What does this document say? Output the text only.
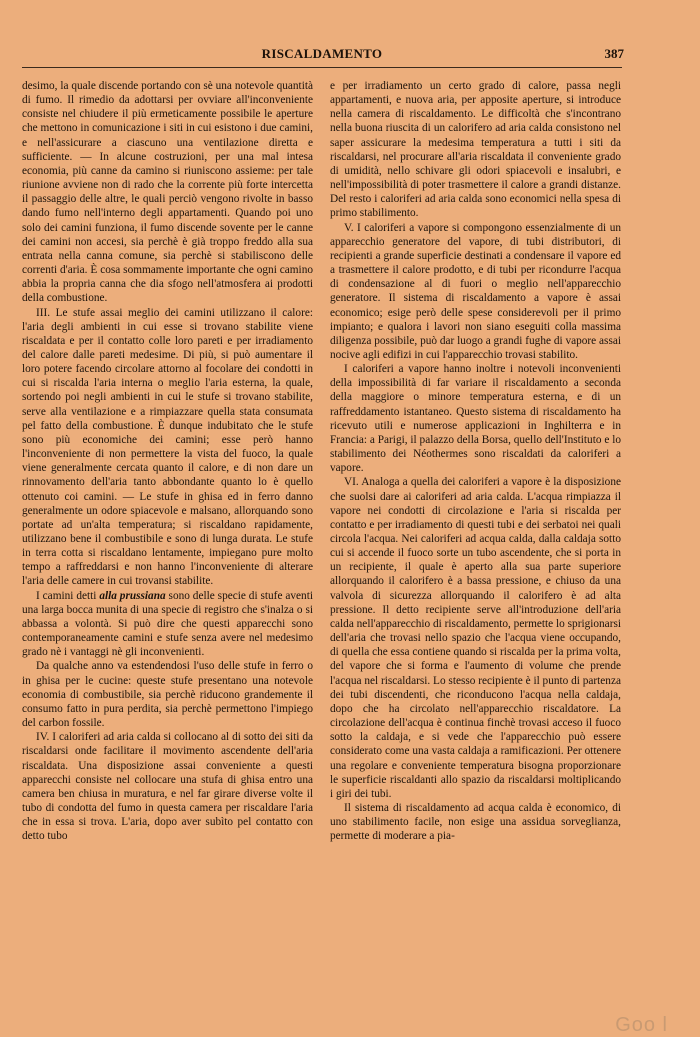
RISCALDAMENTO	387

desimo, la quale discende portando con sè una notevole quantità di fumo. Il rimedio da adottarsi per ovviare all'inconveniente consiste nel chiudere il più ermeticamente possibile le aperture che mettono in comunicazione i siti in cui esistono i due camini, e nell'assicurare a ciascuno una ventilazione diretta e sufficiente. — In alcune costruzioni, per una mal intesa economia, più canne da camino si riuniscono assieme: per tale riunione avviene non di rado che la corrente più forte intercetta il passaggio delle altre, le quali perciò vengono rivolte in basso dando fumo nell'interno degli appartamenti. Quando poi uno solo dei camini funziona, il fumo discende sovente per le canne dei camini non accesi, sia perchè è già troppo freddo alla sua entrata nella canna comune, sia perchè si stabiliscono delle correnti d'aria. È cosa sommamente importante che ogni camino abbia la propria canna che dia sfogo nell'atmosfera ai prodotti della combustione.

III. Le stufe assai meglio dei camini utilizzano il calore: l'aria degli ambienti in cui esse si trovano stabilite viene riscaldata e per il contatto colle loro pareti e per irradiamento del calore dalle pareti medesime. Di più, si può aumentare il loro potere facendo circolare attorno al focolare dei condotti in cui si riscalda l'aria interna o meglio l'aria esterna, la quale, sortendo poi negli ambienti in cui le stufe si trovano stabilite, serve alla ventilazione e a rimpiazzare quella stata consumata pel fatto della combustione. È dunque indubitato che le stufe sono più economiche dei camini; esse però hanno l'inconveniente di non permettere la vista del fuoco, la quale viene generalmente cercata quanto il calore, e di non dare un rinnovamento dell'aria tanto abbondante quanto lo è quello ottenuto coi camini. — Le stufe in ghisa ed in ferro danno generalmente un odore spiacevole e malsano, allorquando sono portate ad un'alta temperatura; si riscaldano rapidamente, utilizzano bene il combustibile e sono di lunga durata. Le stufe in terra cotta si riscaldano lentamente, impiegano pure molto tempo a raffreddarsi e non hanno l'inconveniente di alterare l'aria delle camere in cui trovansi stabilite.

I camini detti alla prussiana sono delle specie di stufe aventi una larga bocca munita di una specie di registro che s'inalza o si abbassa a volontà. Si può dire che questi apparecchi sono contemporaneamente camini e stufe senza avere nel medesimo grado nè i vantaggi nè gli inconvenienti.

Da qualche anno va estendendosi l'uso delle stufe in ferro o in ghisa per le cucine: queste stufe presentano una notevole economia di combustibile, sia perchè riducono grandemente il consumo fatto in pura perdita, sia perchè permettono l'impiego del carbon fossile.

IV. I caloriferi ad aria calda si collocano al di sotto dei siti da riscaldarsi onde facilitare il movimento ascendente dell'aria riscaldata. Una disposizione assai conveniente a questi apparecchi consiste nel collocare una stufa di ghisa entro una camera ben chiusa in muratura, e nel far girare diverse volte il tubo di condotta del fumo in questa camera per riscaldare l'aria che in essa si trova. L'aria, dopo aver subìto pel contatto con detto tubo

e per irradiamento un certo grado di calore, passa negli appartamenti, e nuova aria, per apposite aperture, si introduce nella camera di riscaldamento. Le difficoltà che s'incontrano nella buona riuscita di un calorifero ad aria calda consistono nel saper assicurare la medesima temperatura a tutti i siti da riscaldarsi, nel procurare all'aria riscaldata il conveniente grado di umidità, nello schivare gli odori spiacevoli e insalubri, e nell'impossibilità di poter trasmettere il calore a grandi distanze. Del resto i caloriferi ad aria calda sono economici nella spesa di primo stabilimento.

V. I caloriferi a vapore si compongono essenzialmente di un apparecchio generatore del vapore, di tubi distributori, di recipienti a grande superficie destinati a condensare il vapore ed a trasmettere il calore prodotto, e di tubi per ricondurre l'acqua di condensazione al di fuori o meglio nell'apparecchio generatore. Il sistema di riscaldamento a vapore è assai economico; esige però delle spese considerevoli per il primo impianto; e qualora i lavori non siano eseguiti colla massima diligenza possibile, può dar luogo a grandi fughe di vapore assai nocive agli edifizi in cui l'apparecchio trovasi stabilito.

I caloriferi a vapore hanno inoltre i notevoli inconvenienti della impossibilità di far variare il riscaldamento a seconda della maggiore o minore temperatura esterna, e di un raffreddamento istantaneo. Questo sistema di riscaldamento ha ricevuto utili e numerose applicazioni in Inghilterra e in Francia: a Parigi, il palazzo della Borsa, quello dell'Instituto e lo stabilimento dei Néothermes sono riscaldati da caloriferi a vapore.

VI. Analoga a quella dei caloriferi a vapore è la disposizione che suolsi dare ai caloriferi ad aria calda. L'acqua rimpiazza il vapore nei condotti di circolazione e l'aria si riscalda per contatto e per irradiamento di questi tubi e dei serbatoi nei quali circola l'acqua. Nei caloriferi ad acqua calda, dalla caldaja sotto cui si accende il fuoco sorte un tubo ascendente, che si porta in un recipiente, il quale è aperto alla sua parte superiore allorquando il calorifero è a bassa pressione, e chiuso da una valvola di sicurezza allorquando il calorifero è ad alta pressione. Il detto recipiente serve all'introduzione dell'aria calda nell'apparecchio di riscaldamento, permette lo sprigionarsi dell'aria che trovasi nello spazio che l'acqua viene occupando, di quella che essa contiene quando si riscalda per la prima volta, del vapore che si forma e l'aumento di volume che prende l'acqua nel riscaldarsi. Lo stesso recipiente è il punto di partenza dei tubi discendenti, che riconducono l'acqua nella caldaja, dopo che ha circolato nell'apparecchio riscaldatore. La circolazione dell'acqua è continua finchè trovasi acceso il fuoco sotto la caldaja, e si vede che l'apparecchio può essere considerato come una vasta caldaja a ramificazioni. Per ottenere una regolare e conveniente temperatura bisogna proporzionare le superficie riscaldanti allo spazio da riscaldarsi moltiplicando i giri dei tubi.

Il sistema di riscaldamento ad acqua calda è economico, di uno stabilimento facile, non esige una assidua sorveglianza, permette di moderare a pia-

Goo l
